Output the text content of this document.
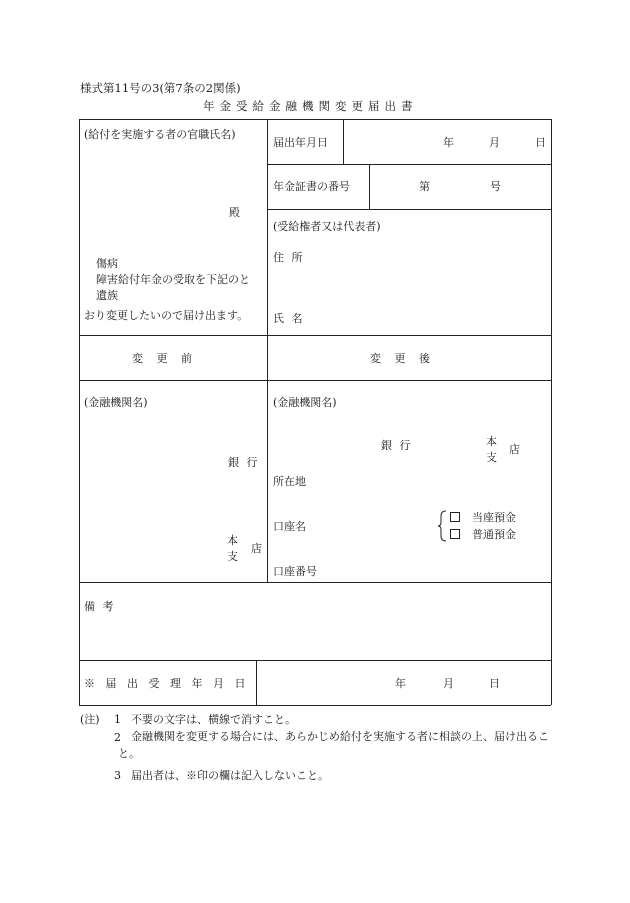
様式第11号の3(第7条の2関係)
年金受給金融機関変更届出書
(給付を実施する者の官職氏名)
殿
傷病
障害給付年金の受取を下記のと
遺族
おり変更したいので届け出ます。
届出年月日	年	月	日
年金証書の番号	第	号
(受給権者又は代表者)
住 所
氏 名
変 更 前	変 更 後
(金融機関名)
銀 行
本
支
店
(金融機関名)
銀 行	本
支
店
所在地
口座名
当座預金
普通預金
口座番号
備 考
※ 届 出 受 理 年 月 日	年	月	日
(注) 1 不要の文字は、横線で消すこと。
2 金融機関を変更する場合には、あらかじめ給付を実施する者に相談の上、届け出ること。
3 届出者は、※印の欄は記入しないこと。
